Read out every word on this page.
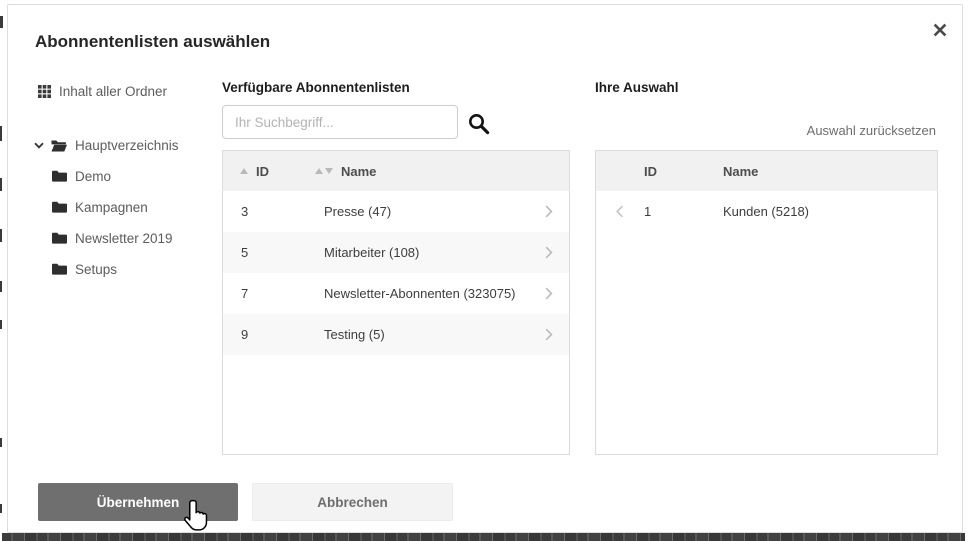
Abonnentenlisten auswählen
Inhalt aller Ordner
Hauptverzeichnis
Demo
Kampagnen
Newsletter 2019
Setups
Verfügbare Abonnentenlisten
Ihr Suchbegriff...
ID	Name
3	Presse (47)
5	Mitarbeiter (108)
7	Newsletter-Abonnenten (323075)
9	Testing (5)
Ihre Auswahl
Auswahl zurücksetzen
ID	Name
1	Kunden (5218)
Übernehmen	Abbrechen
